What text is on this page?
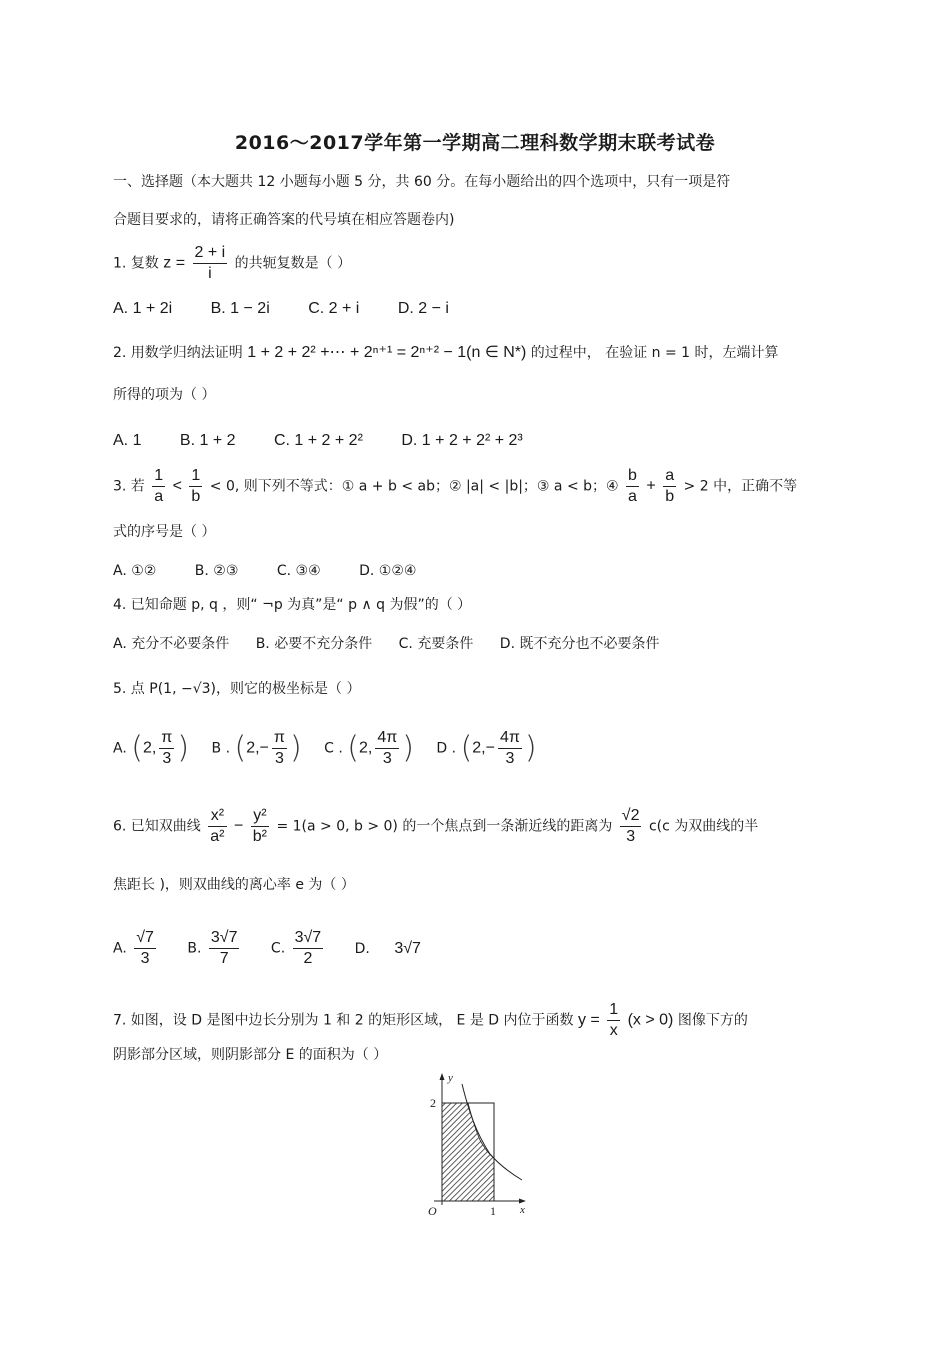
2016～2017学年第一学期高二理科数学期末联考试卷
一、选择题（本大题共 12 小题每小题 5 分，共 60 分。在每小题给出的四个选项中，只有一项是符
合题目要求的，请将正确答案的代号填在相应答题卷内)
1. 复数 $z = \frac{2 + i}{i}$ 的共轭复数是（ ）
A. 1 + 2i B. 1 − 2i C. 2 + i D. 2 − i
2. 用数学归纳法证明 1 + 2 + 2² +⋯ + 2ⁿ⁺¹ = 2ⁿ⁺² − 1(n ∈ N*) 的过程中， 在验证 n = 1 时，左端计算
所得的项为（ ）
A. 1 B. 1 + 2 C. 1 + 2 + 2² D. 1 + 2 + 2² + 2³
3. 若 $\frac{1}{a} < \frac{1}{b} < 0$, 则下列不等式：① a + b < ab；② |a| < |b|；③ a < b；④ $\frac{b}{a} + \frac{a}{b} > 2$ 中，正确不等
式的序号是（ ）
A. ①②	B. ②③	C. ③④	D. ①②④
4. 已知命题 p, q ，则“ ¬p 为真”是“ p ∧ q 为假”的（ ）
A. 充分不必要条件 B. 必要不充分条件 C. 充要条件 D. 既不充分也不必要条件
5. 点 P(1, −√3)，则它的极坐标是（ ）
A. (2, $\frac{\pi}{3}$ ) B . ($2,- \frac{\pi}{3}$ ) C . (2, $\frac{4\pi}{3}$ ) D . ($2,- \frac{4\pi}{3}$ )
6. 已知双曲线 $\frac{\text{x²}}{\text{a²}} - \frac{\text{y²}}{\text{b²}} = 1(a > 0$, b > 0) 的一个焦点到一条渐近线的距离为 $\frac{√2}{3} c(c$ 为双曲线的半
焦距长 )，则双曲线的离心率 e 为（ ）
A. $\frac{√7}{3} B$. $\frac{3√7}{7} C$. $\frac{3√7}{2} D$. 3√7
7. 如图，设 D 是图中边长分别为 1 和 2 的矩形区域， E 是 D 内位于函数 $y = \frac{1}{x} (x > 0)$ 图像下方的
阴影部分区域，则阴影部分 E 的面积为（ ）
y
x
O
2
1
